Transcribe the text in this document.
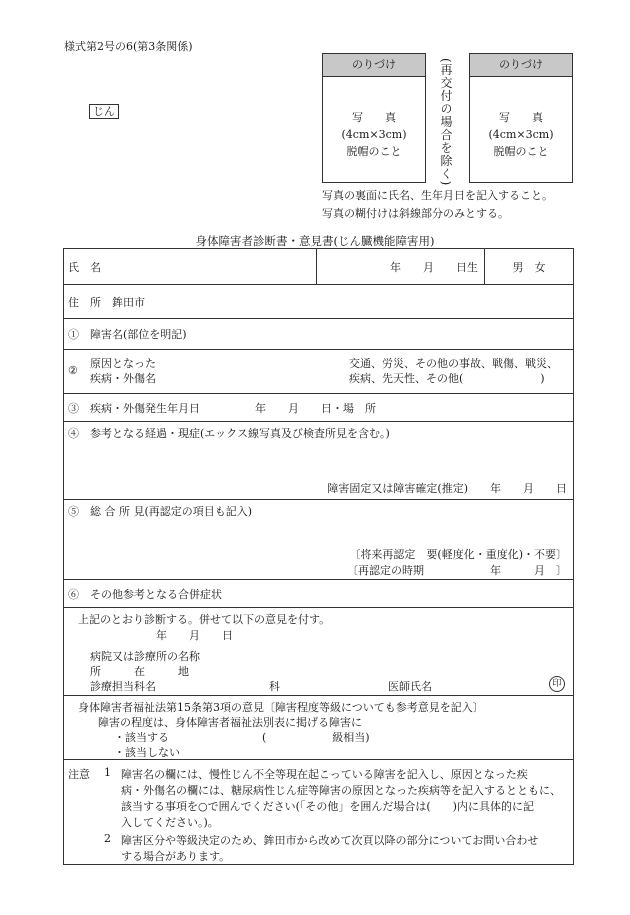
様式第2号の6(第3条関係)
じん
のりづけ
写　　真
(4cm×3cm)
脱帽のこと	(再交付の場合を除く)	のりづけ
写　　真
(4cm×3cm)
脱帽のこと
写真の裏面に氏名、生年月日を記入すること。
写真の糊付けは斜線部分のみとする。
身体障害者診断書・意見書(じん臓機能障害用)
氏　名	年　　月　　日生	男　女
住　所　鉾田市
①　障害名(部位を明記)

②
原因となった
疾病・外傷名
交通、労災、その他の事故、戦傷、戦災、
疾病、先天性、その他(　　　　　　　)

③　疾病・外傷発生年月日　　　　　年　　月　　日・場　所

④　参考となる経過・現症(エックス線写真及び検査所見を含む。)
障害固定又は障害確定(推定)　　年　　月　　日

⑤　総 合 所 見(再認定の項目も記入)
〔将来再認定　要(軽度化・重度化)・不要〕
〔再認定の時期　　　　　　年　　　月　〕

⑥　その他参考となる合併症状

上記のとおり診断する。併せて以下の意見を付す。
年　　月　　日
病院又は診療所の名称
所　　　在　　　地
診療担当科名	科	医師氏名	印

身体障害者福祉法第15条第3項の意見〔障害程度等級についても参考意見を記入〕
障害の程度は、身体障害者福祉法別表に掲げる障害に
・該当する	(　　　　　　級相当)
・該当しない

注意 1 障害名の欄には、慢性じん不全等現在起こっている障害を記入し、原因となった疾
病・外傷名の欄には、糖尿病性じん症等障害の原因となった疾病等を記入するとともに、
該当する事項を○で囲んでください(「その他」を囲んだ場合は(　　)内に具体的に記
入してください。)。
2 障害区分や等級決定のため、鉾田市から改めて次頁以降の部分についてお問い合わせ
する場合があります。
